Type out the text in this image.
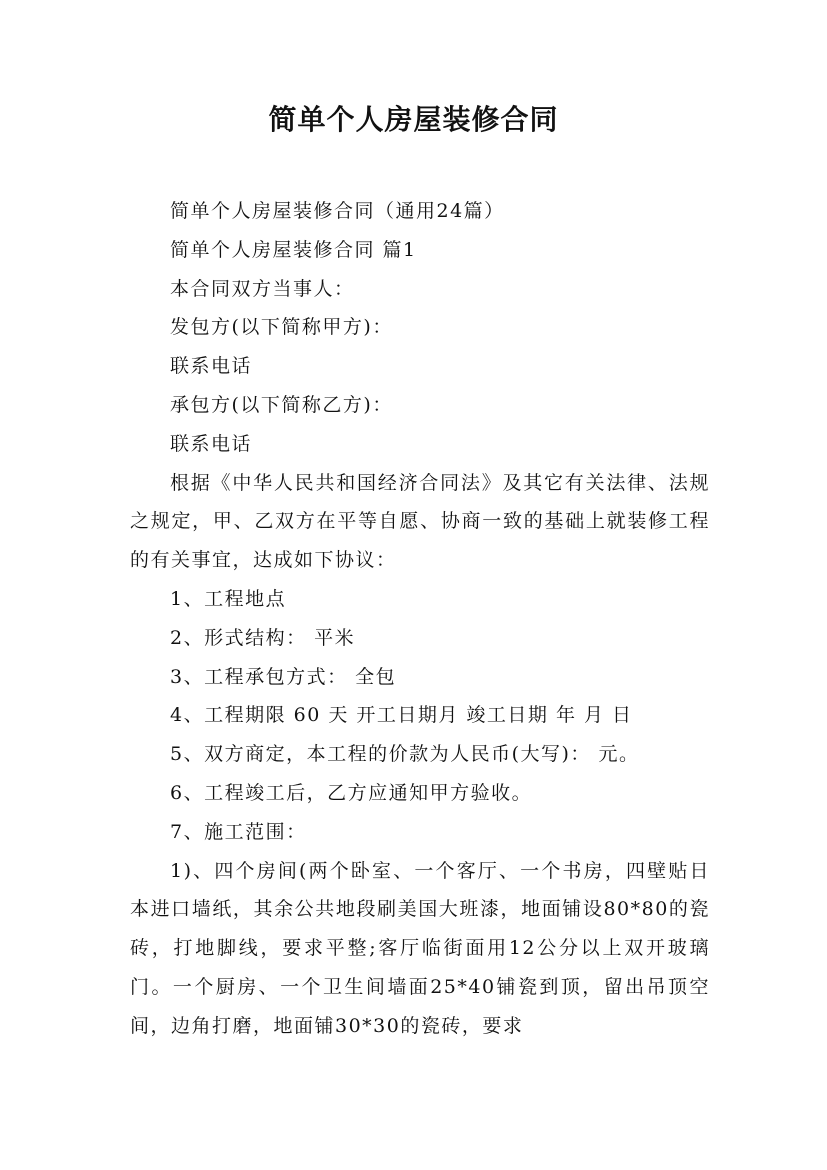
简单个人房屋装修合同

简单个人房屋装修合同（通用24篇）

简单个人房屋装修合同 篇1

本合同双方当事人：

发包方(以下简称甲方)：

联系电话

承包方(以下简称乙方)：

联系电话

根据《中华人民共和国经济合同法》及其它有关法律、法规之规定，甲、乙双方在平等自愿、协商一致的基础上就装修工程的有关事宜，达成如下协议：

1、工程地点

2、形式结构： 平米

3、工程承包方式： 全包

4、工程期限 60 天 开工日期月 竣工日期 年 月 日

5、双方商定，本工程的价款为人民币(大写)： 元。

6、工程竣工后，乙方应通知甲方验收。

7、施工范围：

1)、四个房间(两个卧室、一个客厅、一个书房，四壁贴日本进口墙纸，其余公共地段刷美国大班漆，地面铺设80*80的瓷砖，打地脚线，要求平整;客厅临街面用12公分以上双开玻璃门。一个厨房、一个卫生间墙面25*40铺瓷到顶，留出吊顶空间，边角打磨，地面铺30*30的瓷砖，要求
